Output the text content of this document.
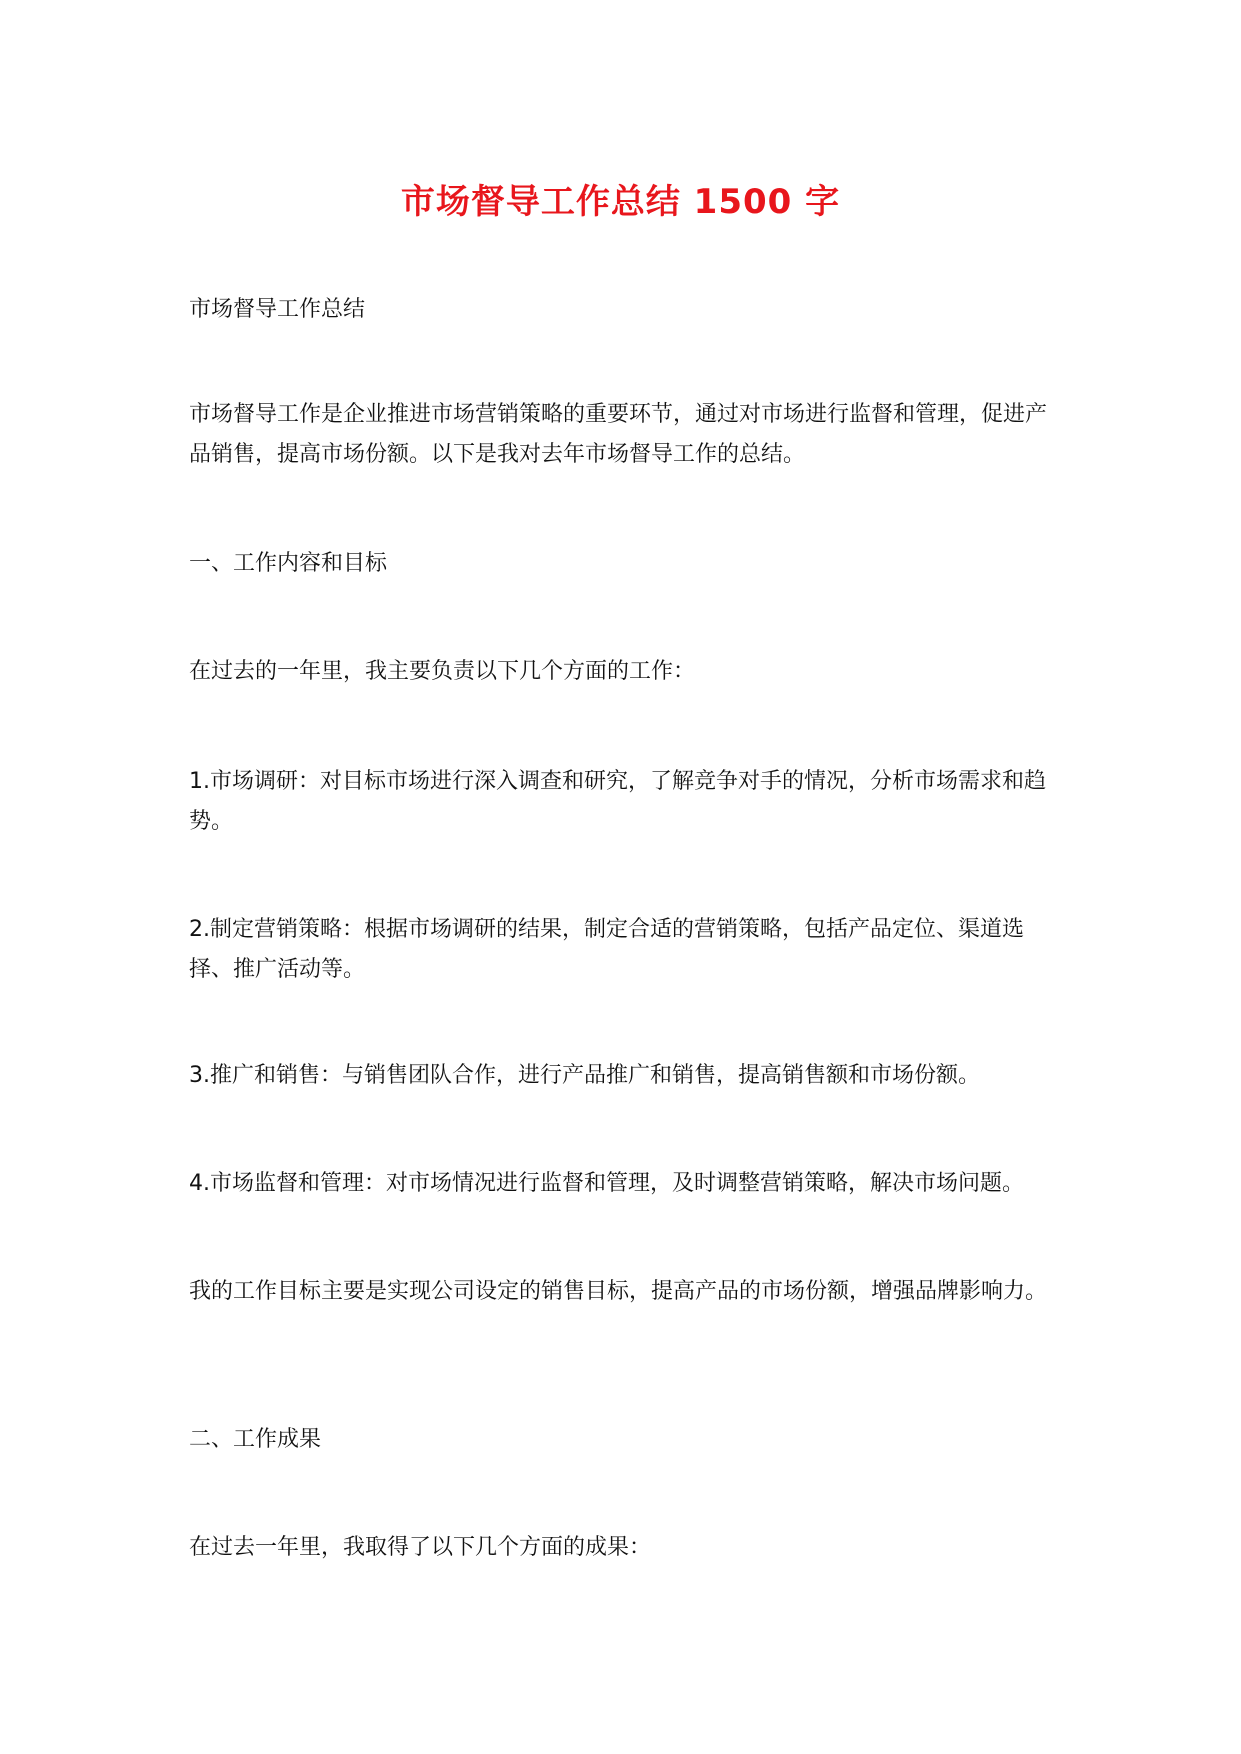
市场督导工作总结 1500 字
市场督导工作总结
市场督导工作是企业推进市场营销策略的重要环节，通过对市场进行监督和管理，促进产品销售，提高市场份额。以下是我对去年市场督导工作的总结。
一、工作内容和目标
在过去的一年里，我主要负责以下几个方面的工作：
1.市场调研：对目标市场进行深入调查和研究，了解竞争对手的情况，分析市场需求和趋势。
2.制定营销策略：根据市场调研的结果，制定合适的营销策略，包括产品定位、渠道选择、推广活动等。
3.推广和销售：与销售团队合作，进行产品推广和销售，提高销售额和市场份额。
4.市场监督和管理：对市场情况进行监督和管理，及时调整营销策略，解决市场问题。
我的工作目标主要是实现公司设定的销售目标，提高产品的市场份额，增强品牌影响力。
二、工作成果
在过去一年里，我取得了以下几个方面的成果：
